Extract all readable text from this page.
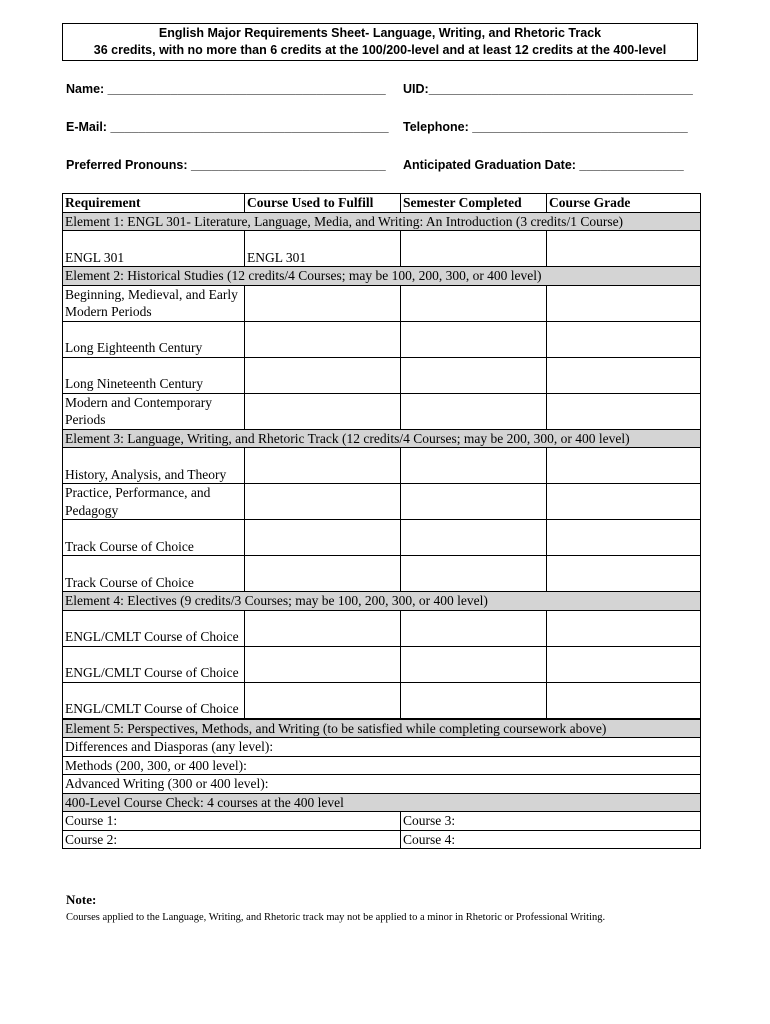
English Major Requirements Sheet- Language, Writing, and Rhetoric Track
36 credits, with no more than 6 credits at the 100/200-level and at least 12 credits at the 400-level
Name: ________________________________________ UID:______________________________________
E-Mail: ________________________________________ Telephone: _______________________________
Preferred Pronouns: ____________________________ Anticipated Graduation Date: _______________
Requirement	Course Used to Fulfill	Semester Completed	Course Grade
Element 1: ENGL 301- Literature, Language, Media, and Writing: An Introduction (3 credits/1 Course)			
ENGL 301	ENGL 301		
Element 2: Historical Studies (12 credits/4 Courses; may be 100, 200, 300, or 400 level)			
Beginning, Medieval, and Early Modern Periods			
Long Eighteenth Century			
Long Nineteenth Century			
Modern and Contemporary Periods			
Element 3: Language, Writing, and Rhetoric Track (12 credits/4 Courses; may be 200, 300, or 400 level)			
History, Analysis, and Theory			
Practice, Performance, and Pedagogy			
Track Course of Choice			
Track Course of Choice			
Element 4: Electives (9 credits/3 Courses; may be 100, 200, 300, or 400 level)			
ENGL/CMLT Course of Choice			
ENGL/CMLT Course of Choice			
ENGL/CMLT Course of Choice			
Element 5: Perspectives, Methods, and Writing (to be satisfied while completing coursework above)			
Differences and Diasporas (any level):			
Methods (200, 300, or 400 level):			
Advanced Writing (300 or 400 level):			
400-Level Course Check: 4 courses at the 400 level			
Course 1:		Course 3:	
Course 2:		Course 4:	
Note:
Courses applied to the Language, Writing, and Rhetoric track may not be applied to a minor in Rhetoric or Professional Writing.
